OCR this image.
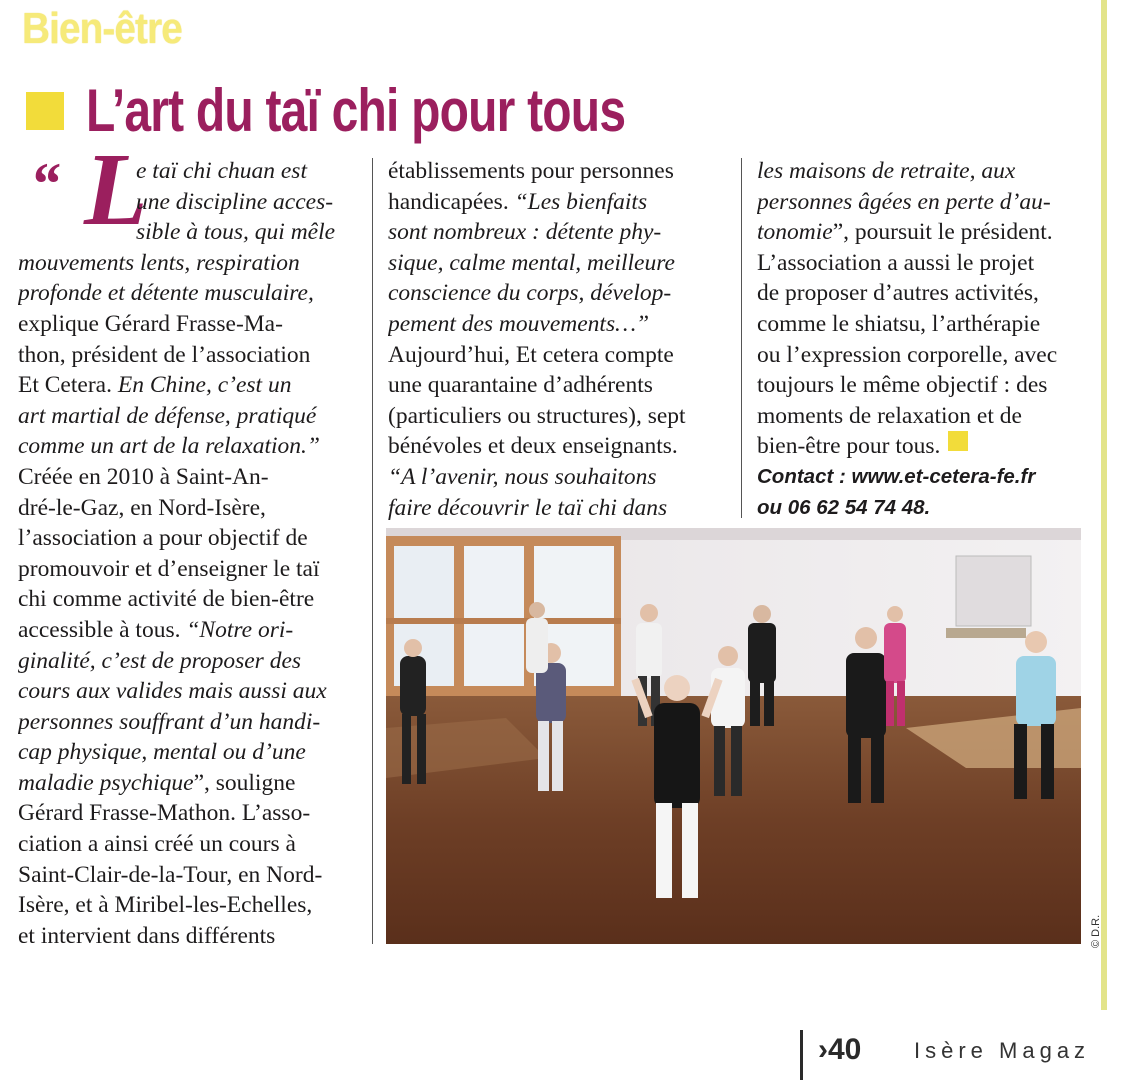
Bien-être
L’art du taï chi pour tous
“ L
e taï chi chuan est
une discipline acces-
sible à tous, qui mêle
mouvements lents, respiration
profonde et détente musculaire,
explique Gérard Frasse-Ma-
thon, président de l’association
Et Cetera. En Chine, c’est un
art martial de défense, pratiqué
comme un art de la relaxation.”
Créée en 2010 à Saint-An-
dré-le-Gaz, en Nord-Isère,
l’association a pour objectif de
promouvoir et d’enseigner le taï
chi comme activité de bien-être
accessible à tous. “Notre ori-
ginalité, c’est de proposer des
cours aux valides mais aussi aux
personnes souffrant d’un handi-
cap physique, mental ou d’une
maladie psychique ”, souligne
Gérard Frasse-Mathon. L’asso-
ciation a ainsi créé un cours à
Saint-Clair-de-la-Tour, en Nord-
Isère, et à Miribel-les-Echelles,
et intervient dans différents
établissements pour personnes
handicapées. “Les bienfaits
sont nombreux : détente phy-
sique, calme mental, meilleure
conscience du corps, dévelop-
pement des mouvements…”
Aujourd’hui, Et cetera compte
une quarantaine d’adhérents
(particuliers ou structures), sept
bénévoles et deux enseignants.
“A l’avenir, nous souhaitons
faire découvrir le taï chi dans
les maisons de retraite, aux
personnes âgées en perte d’au-
tonomie ”, poursuit le président.
L’association a aussi le projet
de proposer d’autres activités,
comme le shiatsu, l’arthérapie
ou l’expression corporelle, avec
toujours le même objectif : des
moments de relaxation et de
bien-être pour tous.
Contact : www.et-cetera-fe.fr
ou 06 62 54 74 48.
© D.R.
›40 Isère Magaz
